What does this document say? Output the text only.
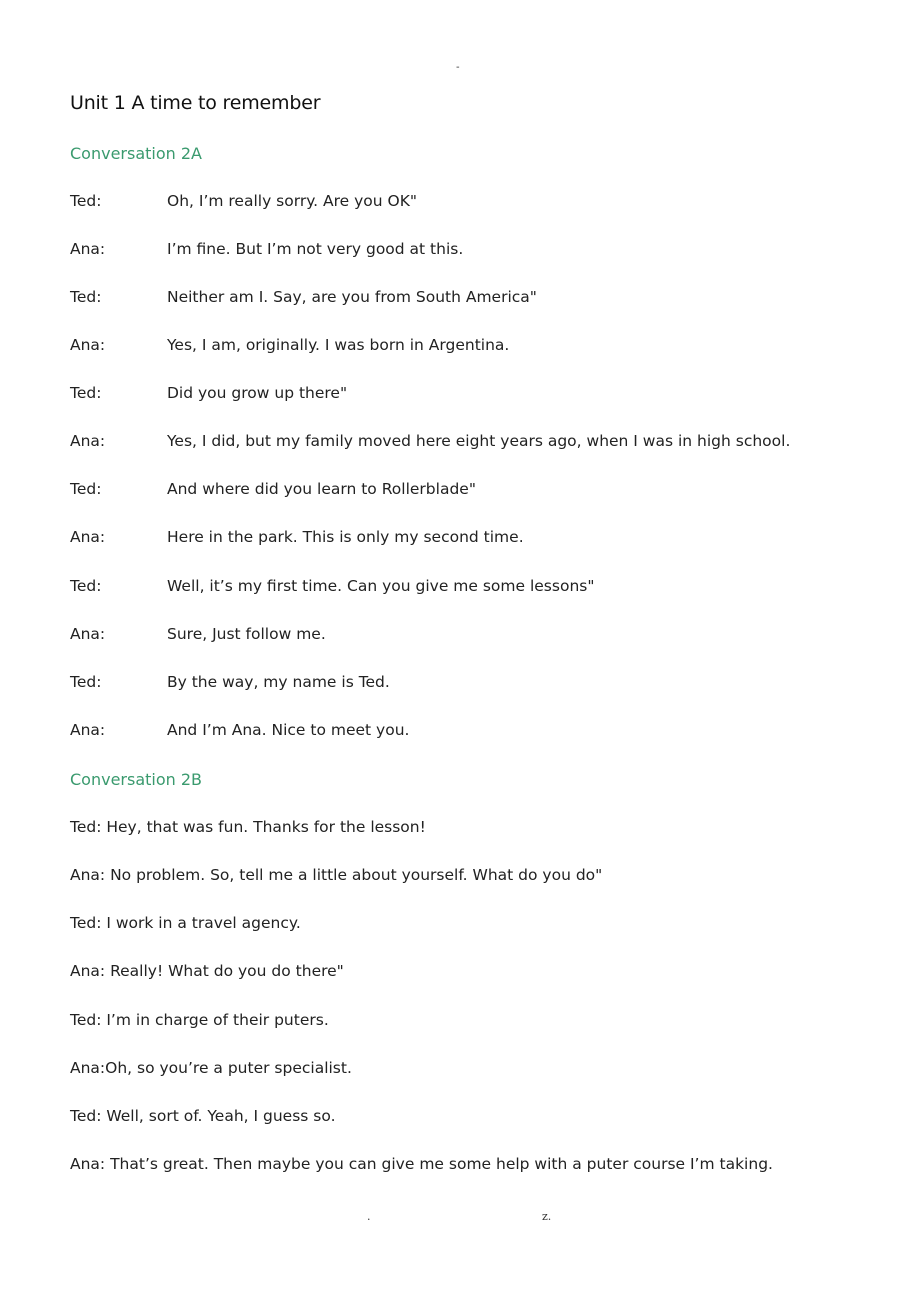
-
Unit 1 A time to remember
Conversation 2A
Ted:	Oh, I’m really sorry. Are you OK"
Ana:	I’m fine. But I’m not very good at this.
Ted:	Neither am I. Say, are you from South America"
Ana:	Yes, I am, originally. I was born in Argentina.
Ted:	Did you grow up there"
Ana:	Yes, I did, but my family moved here eight years ago, when I was in high school.
Ted:	And where did you learn to Rollerblade"
Ana:	Here in the park. This is only my second time.
Ted:	Well, it’s my first time. Can you give me some lessons"
Ana:	Sure, Just follow me.
Ted:	By the way, my name is Ted.
Ana:	And I’m Ana. Nice to meet you.
Conversation 2B
Ted: Hey, that was fun. Thanks for the lesson!
Ana: No problem. So, tell me a little about yourself. What do you do"
Ted: I work in a travel agency.
Ana: Really! What do you do there"
Ted: I’m in charge of their puters.
Ana:Oh, so you’re a puter specialist.
Ted: Well, sort of. Yeah, I guess so.
Ana: That’s great. Then maybe you can give me some help with a puter course I’m taking.
.	z.
